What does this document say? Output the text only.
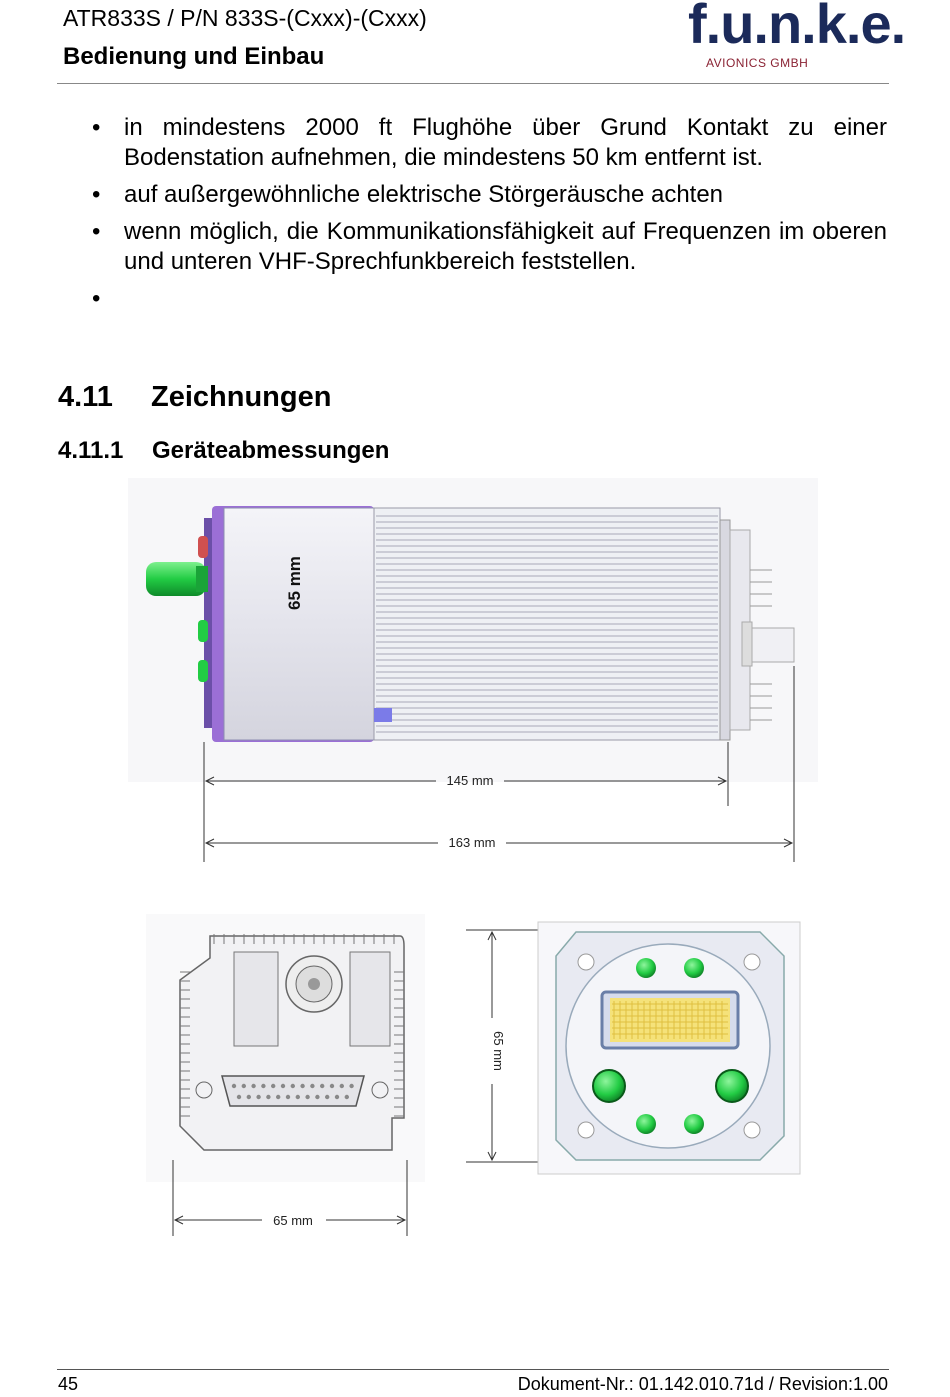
ATR833S / P/N 833S-(Cxxx)-(Cxxx)
Bedienung und Einbau
f.u.n.k.e.
AVIONICS GMBH
• in mindestens 2000 ft Flughöhe über Grund Kontakt zu einer Bodenstation aufnehmen, die mindestens 50 km entfernt ist.
• auf außergewöhnliche elektrische Störgeräusche achten
• wenn möglich, die Kommunikationsfähigkeit auf Frequenzen im oberen und unteren VHF-Sprechfunkbereich feststellen.
•
4.11 Zeichnungen
4.11.1 Geräteabmessungen
65 mm
145 mm
163 mm
65 mm
65 mm
45	Dokument-Nr.: 01.142.010.71d / Revision:1.00
